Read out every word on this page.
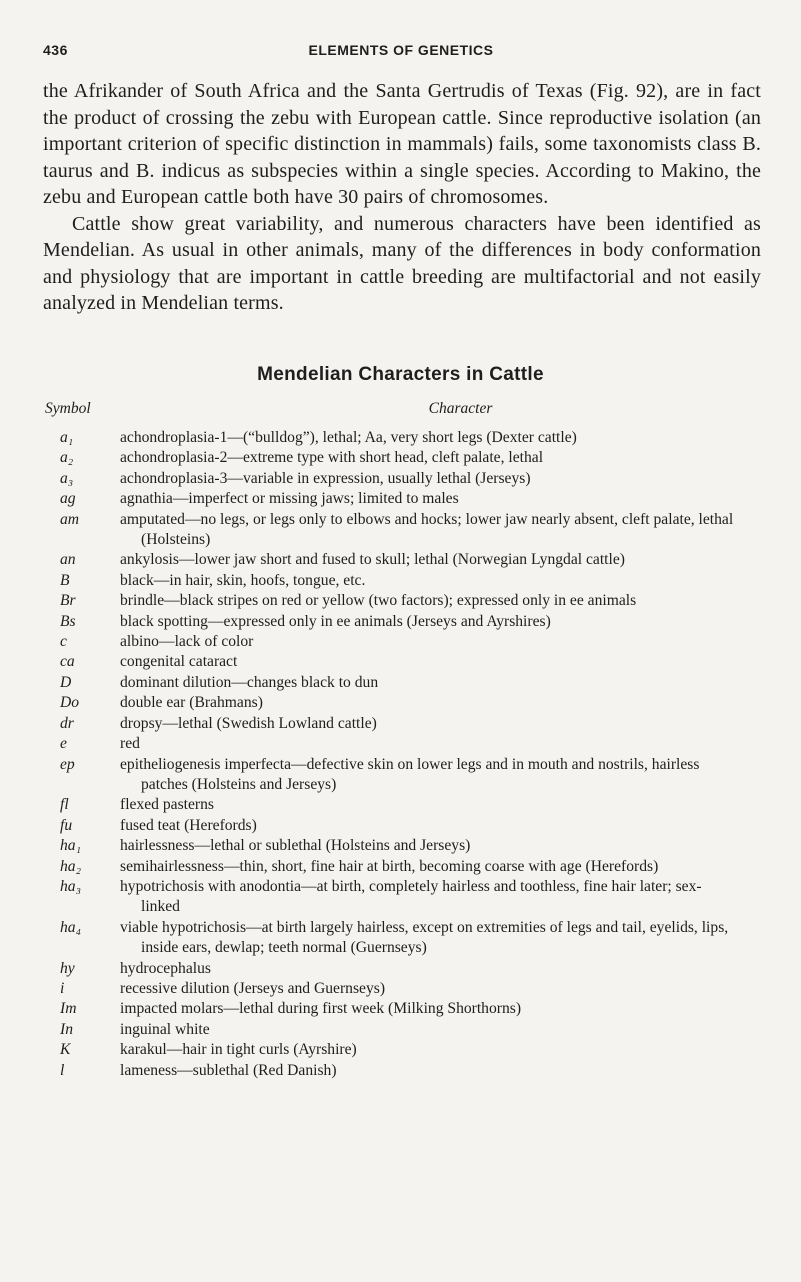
436	ELEMENTS OF GENETICS

the Afrikander of South Africa and the Santa Gertrudis of Texas (Fig. 92), are in fact the product of crossing the zebu with European cattle. Since reproductive isolation (an important criterion of specific distinction in mammals) fails, some taxonomists class B. taurus and B. indicus as subspecies within a single species. According to Makino, the zebu and European cattle both have 30 pairs of chromosomes.

Cattle show great variability, and numerous characters have been identified as Mendelian. As usual in other animals, many of the differences in body conformation and physiology that are important in cattle breeding are multifactorial and not easily analyzed in Mendelian terms.

Mendelian Characters in Cattle
Symbol	Character
a₁	achondroplasia-1—(“bulldog”), lethal; Aa, very short legs (Dexter cattle)
a₂	achondroplasia-2—extreme type with short head, cleft palate, lethal
a₃	achondroplasia-3—variable in expression, usually lethal (Jerseys)
ag	agnathia—imperfect or missing jaws; limited to males
am	amputated—no legs, or legs only to elbows and hocks; lower jaw nearly absent, cleft palate, lethal (Holsteins)
an	ankylosis—lower jaw short and fused to skull; lethal (Norwegian Lyngdal cattle)
B	black—in hair, skin, hoofs, tongue, etc.
Br	brindle—black stripes on red or yellow (two factors); expressed only in ee animals
Bs	black spotting—expressed only in ee animals (Jerseys and Ayrshires)
c	albino—lack of color
ca	congenital cataract
D	dominant dilution—changes black to dun
Do	double ear (Brahmans)
dr	dropsy—lethal (Swedish Lowland cattle)
e	red
ep	epitheliogenesis imperfecta—defective skin on lower legs and in mouth and nostrils, hairless patches (Holsteins and Jerseys)
fl	flexed pasterns
fu	fused teat (Herefords)
ha₁	hairlessness—lethal or sublethal (Holsteins and Jerseys)
ha₂	semihairlessness—thin, short, fine hair at birth, becoming coarse with age (Herefords)
ha₃	hypotrichosis with anodontia—at birth, completely hairless and toothless, fine hair later; sex-linked
ha₄	viable hypotrichosis—at birth largely hairless, except on extremities of legs and tail, eyelids, lips, inside ears, dewlap; teeth normal (Guernseys)
hy	hydrocephalus
i	recessive dilution (Jerseys and Guernseys)
Im	impacted molars—lethal during first week (Milking Shorthorns)
In	inguinal white
K	karakul—hair in tight curls (Ayrshire)
l	lameness—sublethal (Red Danish)
